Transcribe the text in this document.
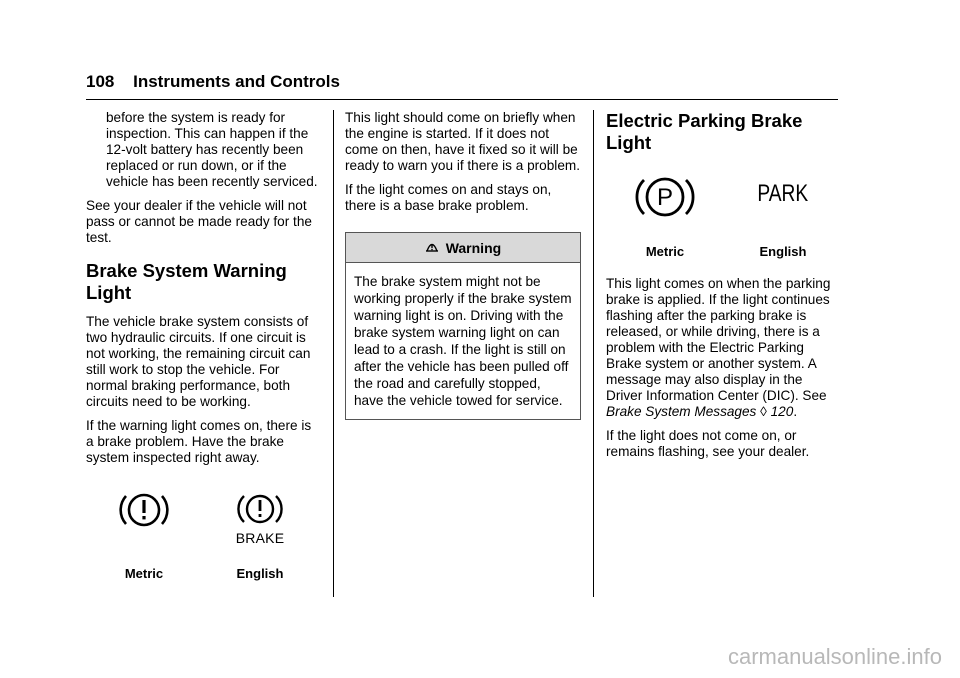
108 Instruments and Controls

before the system is ready for inspection. This can happen if the 12-volt battery has recently been replaced or run down, or if the vehicle has been recently serviced.

See your dealer if the vehicle will not pass or cannot be made ready for the test.

Brake System Warning Light

The vehicle brake system consists of two hydraulic circuits. If one circuit is not working, the remaining circuit can still work to stop the vehicle. For normal braking performance, both circuits need to be working.

If the warning light comes on, there is a brake problem. Have the brake system inspected right away.

Metric
BRAKE
English

This light should come on briefly when the engine is started. If it does not come on then, have it fixed so it will be ready to warn you if there is a problem.

If the light comes on and stays on, there is a base brake problem.

Warning
The brake system might not be working properly if the brake system warning light is on. Driving with the brake system warning light on can lead to a crash. If the light is still on after the vehicle has been pulled off the road and carefully stopped, have the vehicle towed for service.
Electric Parking Brake Light
P
Metric
PARK
English

This light comes on when the parking brake is applied. If the light continues flashing after the parking brake is released, or while driving, there is a problem with the Electric Parking Brake system or another system. A message may also display in the Driver Information Center (DIC). See Brake System Messages ◊ 120.

If the light does not come on, or remains flashing, see your dealer.

carmanualsonline.info
